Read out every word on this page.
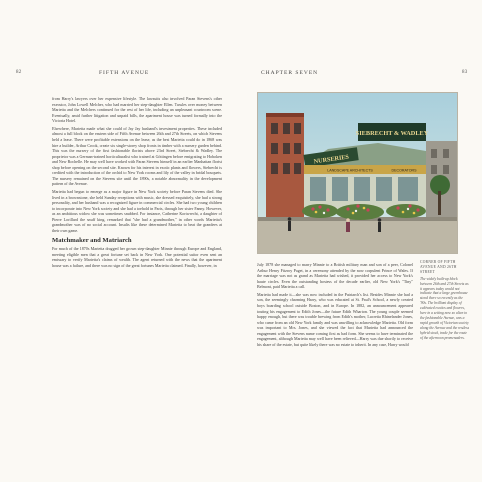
82	FIFTH AVENUE

from Harry's lawyers over her expensive lifestyle. The lawsuits also involved Paran Stevens's other executor, John Lowell Melcher, who had married her step-daughter Ellen. Tussles over money between Marietta and the Melchers continued for the rest of her life, including an unpleasant courtroom scene. Eventually, amid further litigation and unpaid bills, the apartment house was turned formally into the Victoria Hotel.

Elsewhere, Marietta made what she could of Jay Jay husband's investment properties. These included almost a full block on the eastern side of Fifth Avenue between 26th and 27th Streets, on which Stevens held a lease. There were profitable extensions on the lease, as the best Marietta could do in 1868 was hire a builder, Arthur Crook, create six single-storey shop fronts in timber with a nursery garden behind. This was the nursery of the first fashionable florists above 23rd Street, Siebrecht & Wadley. The proprietor was a German-trained horticulturalist who trained at Göttingen before emigrating to Hoboken and New Rochelle. He may well have worked with Paran Stevens himself in an earlier Manhattan florist shop before opening on the second site. Known for his interest in exotic plants and flowers, Siebrecht is credited with the introduction of the orchid to New York rooms and lily of the valley in bridal bouquets. The nursery remained on the Stevens site until the 1890s, a notable abnormality in the development pattern of the Avenue.

Marietta had begun to emerge as a major figure in New York society before Paran Stevens died. She lived in a brownstone, she held Sunday receptions with music, she dressed exquisitely, she had a strong personality, and her husband was a recognized figure in commercial circles. She had two young children to incorporate into New York society and she had a toehold in Paris, through her sister Fanny. However, as an ambitious widow she was sometimes snubbed. For instance, Catherine Kortwrecht, a daughter of Pierre Lorillard the snuff king, remarked that "she had a grandmother," in other words Marietta's grandmother was of no social account. Insults like these determined Marietta to beat the grandees at their own game.

Matchmaker and Matriarch

For much of the 1870s Marietta dragged her grown step-daughter Minnie through Europe and England, meeting eligible men that a great fortune set back in New York. One potential suitor even sent an emissary to verify Marietta's claims of wealth. The agent returned with the news that the apartment house was a failure, and there was no sign of the great fortunes Marietta claimed. Finally, however, in

CHAPTER SEVEN	83
SIEBRECHT & WADLEY
NURSERIES
LANDSCAPE ARCHITECTS	DECORATORS

July 1878 she managed to marry Minnie to a British military man and son of a peer, Colonel Arthur Henry Fitzroy Paget, in a ceremony attended by the now corpulent Prince of Wales. If the marriage was not as grand as Marietta had wished, it provided her access to New York's haute circles. Even the outstanding hostess of the decade earlier, old New York's "Tiny" Belmont, paid Marietta a call.

Marietta had made it—she was now included in the Patriarch's list. Besides Minnie she had a son, the seemingly charming Harry, who was educated at St. Paul's School, a newly created boys boarding school outside Boston, and in Europe. In 1882, an announcement appeared touting his engagement to Edith Jones—the future Edith Wharton. The young couple seemed happy enough, but there was trouble brewing from Edith's mother, Lucretia Rhinelander Jones, who came from an old New York family and was unwilling to acknowledge Marietta. Old form was important to Mrs. Jones, and she viewed the fact that Marietta had announced the engagement with the Stevens name coming first as bad form. She seems to have terminated the engagement, although Marietta may well have been relieved—Harry was due shortly to receive his share of the estate, but quite likely there was no estate to inherit. In any case, Harry would

CORNER OF FIFTH AVENUE AND 26TH STREET
The widely built-up block between 26th and 27th Streets as it appears today would not indicate that a large greenhouse stood there so recently as the '90s. The brilliant display of cultivated exotics and flowers, here in a setting now so alien to the fashionable Avenue, was a rapid growth of Victorian society along the Avenue and the restless hybrid stock, trade for the route of the afternoon promenaders.
